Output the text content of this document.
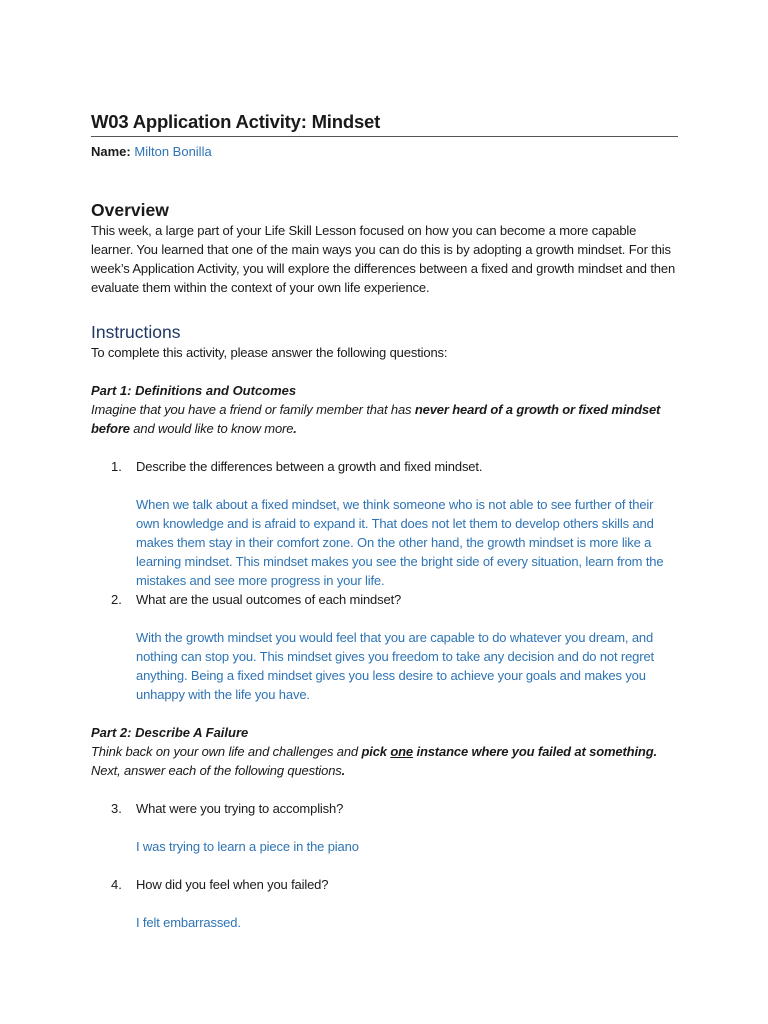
W03 Application Activity: Mindset
Name: Milton Bonilla
Overview

This week, a large part of your Life Skill Lesson focused on how you can become a more capable learner. You learned that one of the main ways you can do this is by adopting a growth mindset. For this week’s Application Activity, you will explore the differences between a fixed and growth mindset and then evaluate them within the context of your own life experience.

Instructions

To complete this activity, please answer the following questions:

Part 1: Definitions and Outcomes

Imagine that you have a friend or family member that has never heard of a growth or fixed mindset before and would like to know more.

1. Describe the differences between a growth and fixed mindset.

When we talk about a fixed mindset, we think someone who is not able to see further of their own knowledge and is afraid to expand it. That does not let them to develop others skills and makes them stay in their comfort zone. On the other hand, the growth mindset is more like a learning mindset. This mindset makes you see the bright side of every situation, learn from the mistakes and see more progress in your life.

2. What are the usual outcomes of each mindset?

With the growth mindset you would feel that you are capable to do whatever you dream, and nothing can stop you. This mindset gives you freedom to take any decision and do not regret anything. Being a fixed mindset gives you less desire to achieve your goals and makes you unhappy with the life you have.

Part 2: Describe A Failure

Think back on your own life and challenges and pick one instance where you failed at something. Next, answer each of the following questions.

3. What were you trying to accomplish?

I was trying to learn a piece in the piano

4. How did you feel when you failed?

I felt embarrassed.
